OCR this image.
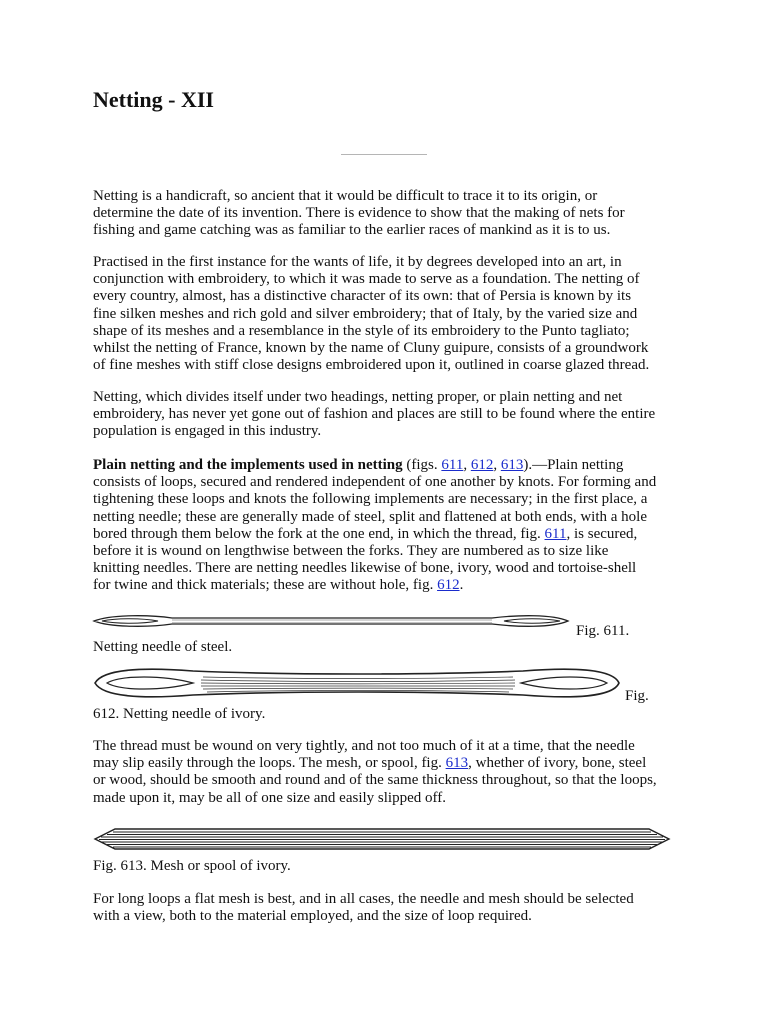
Netting - XII
Netting is a handicraft, so ancient that it would be difficult to trace it to its origin, or
determine the date of its invention. There is evidence to show that the making of nets for
fishing and game catching was as familiar to the earlier races of mankind as it is to us.
Practised in the first instance for the wants of life, it by degrees developed into an art, in
conjunction with embroidery, to which it was made to serve as a foundation. The netting of
every country, almost, has a distinctive character of its own: that of Persia is known by its
fine silken meshes and rich gold and silver embroidery; that of Italy, by the varied size and
shape of its meshes and a resemblance in the style of its embroidery to the Punto tagliato;
whilst the netting of France, known by the name of Cluny guipure, consists of a groundwork
of fine meshes with stiff close designs embroidered upon it, outlined in coarse glazed thread.
Netting, which divides itself under two headings, netting proper, or plain netting and net
embroidery, has never yet gone out of fashion and places are still to be found where the entire
population is engaged in this industry.
Plain netting and the implements used in netting (figs. 611, 612, 613).—Plain netting
consists of loops, secured and rendered independent of one another by knots. For forming and
tightening these loops and knots the following implements are necessary; in the first place, a
netting needle; these are generally made of steel, split and flattened at both ends, with a hole
bored through them below the fork at the one end, in which the thread, fig. 611, is secured,
before it is wound on lengthwise between the forks. They are numbered as to size like
knitting needles. There are netting needles likewise of bone, ivory, wood and tortoise-shell
for twine and thick materials; these are without hole, fig. 612.
Fig. 611.
Netting needle of steel.
Fig.
612. Netting needle of ivory.
The thread must be wound on very tightly, and not too much of it at a time, that the needle
may slip easily through the loops. The mesh, or spool, fig. 613, whether of ivory, bone, steel
or wood, should be smooth and round and of the same thickness throughout, so that the loops,
made upon it, may be all of one size and easily slipped off.
Fig. 613. Mesh or spool of ivory.
For long loops a flat mesh is best, and in all cases, the needle and mesh should be selected
with a view, both to the material employed, and the size of loop required.
